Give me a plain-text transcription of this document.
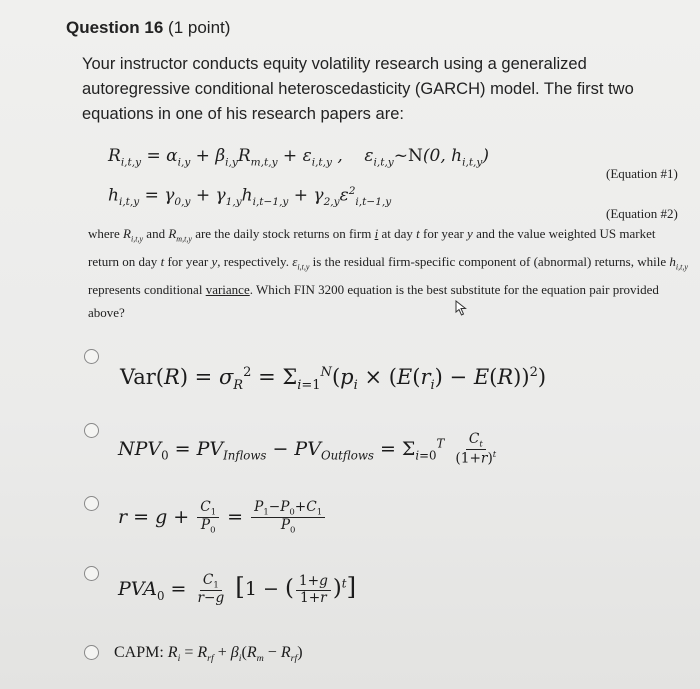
Question 16 (1 point)
Your instructor conducts equity volatility research using a generalized autoregressive conditional heteroscedasticity (GARCH) model. The first two equations in one of his research papers are:
$R_{i,t,y} = \alpha_{i,y} + \beta_{i,y}R_{m,t,y} + \varepsilon_{i,t,y}$ ,    $\varepsilon_{i,t,y}\sim N(0$, $h_{i,t,y}$)
(Equation #1)
$h_{i,t,y} = \gamma_{0,y} + \gamma_{1,y}h_{i,t-1,y} + \gamma_{2,y}\varepsilon^2_{i,t-1,y}$
(Equation #2)
where $R_{i,t,y}$ and $R_{m,t,y}$ are the daily stock returns on firm i at day t for year y and the value weighted US market return on day t for year y, respectively. $\varepsilon_{i,t,y}$ is the residual firm-specific component of (abnormal) returns, while $h_{i,t,y}$ represents conditional variance. Which FIN 3200 equation is the best substitute for the equation pair provided above?
$Var(R) = \sigma_R^2 = \Sigma_{i=1}^N(p_i \times (E(r_i) - E(R))^2)$
$NPV_0 = PV_{Inflows} - PV_{Outflows} = \Sigma_{i=0}^T \frac{C_t}{(1+r)^t}$
$r = g + \frac{C_1}{P_0} = \frac{P_1-P_0+C_1}{P_0}$
$PVA_0 = \frac{C_1}{r-g} [1$ − ( $\frac{1+g}{1+r} )^t$]
CAPM: $R_i = R_{rf} + \beta_i(R_m - R_{rf})$
